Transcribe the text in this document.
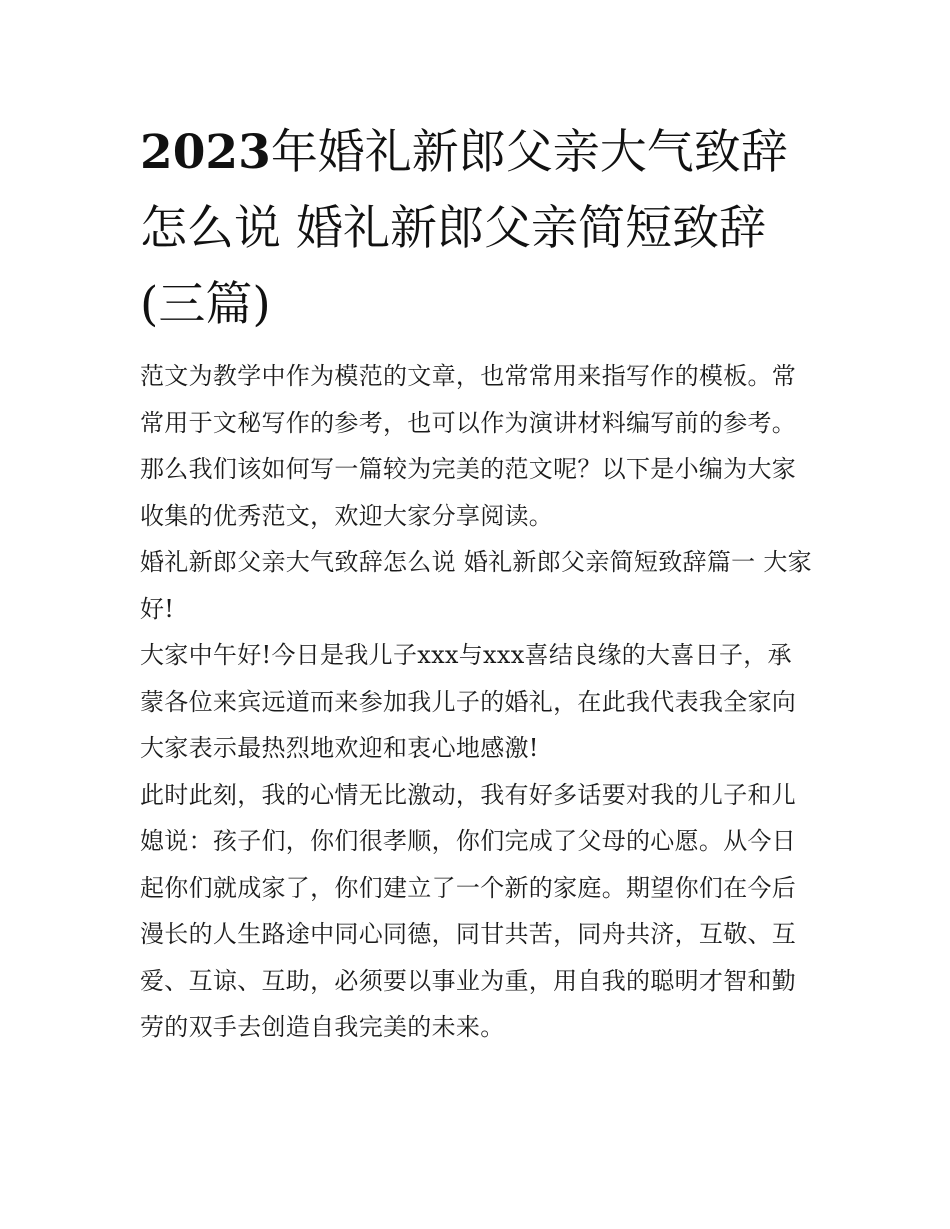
2023年婚礼新郎父亲大气致辞怎么说 婚礼新郎父亲简短致辞(三篇)

范文为教学中作为模范的文章，也常常用来指写作的模板。常常用于文秘写作的参考，也可以作为演讲材料编写前的参考。那么我们该如何写一篇较为完美的范文呢？以下是小编为大家收集的优秀范文，欢迎大家分享阅读。

婚礼新郎父亲大气致辞怎么说 婚礼新郎父亲简短致辞篇一 大家好!

大家中午好!今日是我儿子xxx与xxx喜结良缘的大喜日子，承蒙各位来宾远道而来参加我儿子的婚礼，在此我代表我全家向大家表示最热烈地欢迎和衷心地感激!

此时此刻，我的心情无比激动，我有好多话要对我的儿子和儿媳说：孩子们，你们很孝顺，你们完成了父母的心愿。从今日起你们就成家了，你们建立了一个新的家庭。期望你们在今后漫长的人生路途中同心同德，同甘共苦，同舟共济，互敬、互爱、互谅、互助，必须要以事业为重，用自我的聪明才智和勤劳的双手去创造自我完美的未来。
